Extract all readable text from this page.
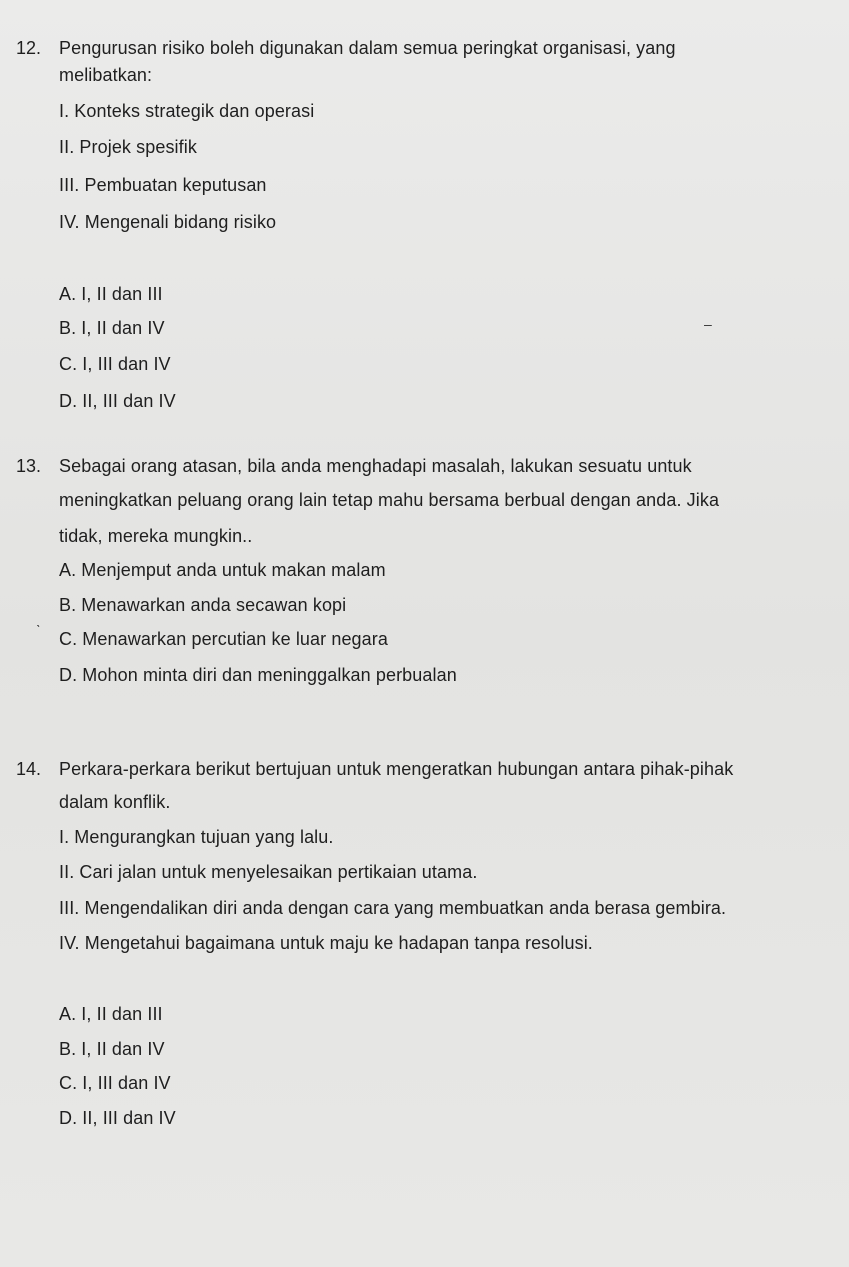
12. Pengurusan risiko boleh digunakan dalam semua peringkat organisasi, yang
melibatkan:
I. Konteks strategik dan operasi
II. Projek spesifik
III. Pembuatan keputusan
IV. Mengenali bidang risiko
A. I, II dan III
B. I, II dan IV
C. I, III dan IV
D. II, III dan IV
‒
13. Sebagai orang atasan, bila anda menghadapi masalah, lakukan sesuatu untuk
meningkatkan peluang orang lain tetap mahu bersama berbual dengan anda. Jika
tidak, mereka mungkin..
A. Menjemput anda untuk makan malam
B. Menawarkan anda secawan kopi
C. Menawarkan percutian ke luar negara
D. Mohon minta diri dan meninggalkan perbualan
ˋ
14. Perkara-perkara berikut bertujuan untuk mengeratkan hubungan antara pihak-pihak
dalam konflik.
I. Mengurangkan tujuan yang lalu.
II. Cari jalan untuk menyelesaikan pertikaian utama.
III. Mengendalikan diri anda dengan cara yang membuatkan anda berasa gembira.
IV. Mengetahui bagaimana untuk maju ke hadapan tanpa resolusi.
A. I, II dan III
B. I, II dan IV
C. I, III dan IV
D. II, III dan IV
